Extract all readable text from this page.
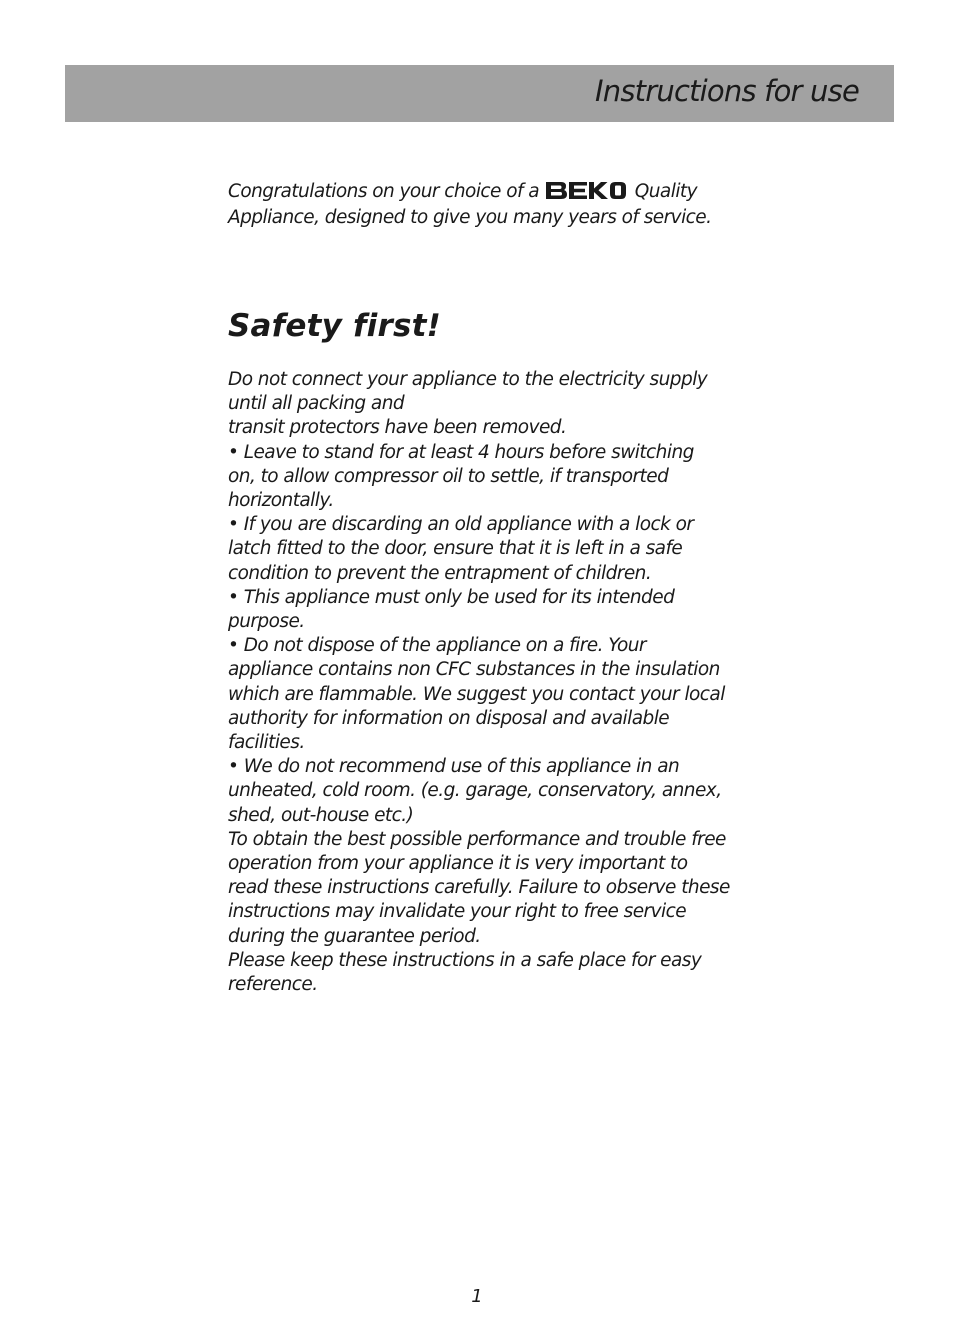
Instructions for use
Congratulations on your choice of a	Quality
Appliance, designed to give you many years of service.
Safety first!
Do not connect your appliance to the electricity supply
until all packing and
transit protectors have been removed.
• Leave to stand for at least 4 hours before switching
on, to allow compressor oil to settle, if transported
horizontally.
• If you are discarding an old appliance with a lock or
latch fitted to the door, ensure that it is left in a safe
condition to prevent the entrapment of children.
• This appliance must only be used for its intended
purpose.
• Do not dispose of the appliance on a fire. Your
appliance contains non CFC substances in the insulation
which are flammable. We suggest you contact your local
authority for information on disposal and available
facilities.
• We do not recommend use of this appliance in an
unheated, cold room. (e.g. garage, conservatory, annex,
shed, out-house etc.)
To obtain the best possible performance and trouble free
operation from your appliance it is very important to
read these instructions carefully. Failure to observe these
instructions may invalidate your right to free service
during the guarantee period.
Please keep these instructions in a safe place for easy
reference.
1
